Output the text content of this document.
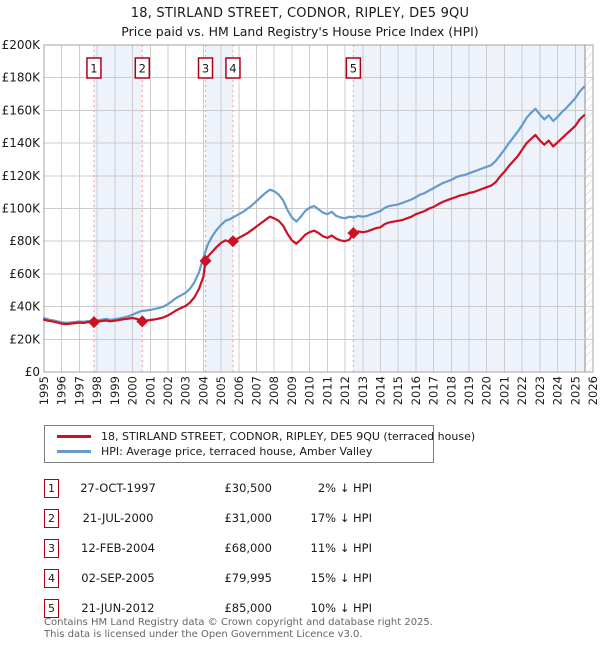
18, STIRLAND STREET, CODNOR, RIPLEY, DE5 9QU
Price paid vs. HM Land Registry's House Price Index (HPI)
1	2	3 4	5
£0
£20K
£40K
£60K
£80K
£100K
£120K
£140K
£160K
£180K
£200K
1995 1996 1997 1998 1999 2000 2001 2002 2003 2004 2005 2006 2007 2008 2009 2010 2011 2012 2013 2014 2015 2016 2017 2018 2019 2020 2021 2022 2023 2024 2025 2026
18, STIRLAND STREET, CODNOR, RIPLEY, DE5 9QU (terraced house)
HPI: Average price, terraced house, Amber Valley
1	27-OCT-1997	£30,500	2% ↓ HPI
2	21-JUL-2000	£31,000	17% ↓ HPI
3	12-FEB-2004	£68,000	11% ↓ HPI
4	02-SEP-2005	£79,995	15% ↓ HPI
5	21-JUN-2012	£85,000	10% ↓ HPI
Contains HM Land Registry data © Crown copyright and database right 2025.
This data is licensed under the Open Government Licence v3.0.
